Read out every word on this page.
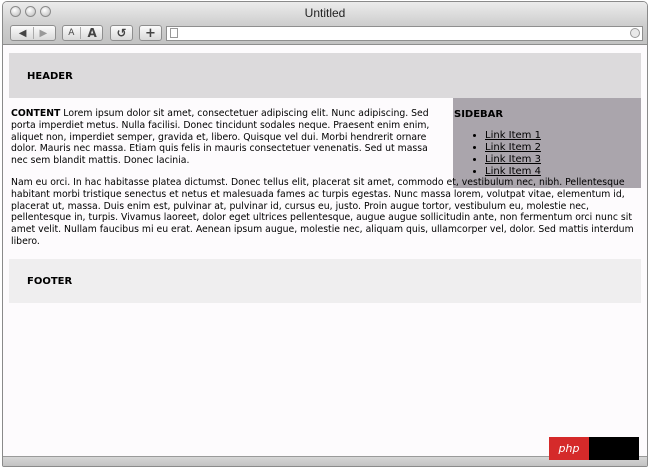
Untitled
◀ ▶ A A ↺ +
HEADER

CONTENT Lorem ipsum dolor sit amet, consectetuer adipiscing elit. Nunc adipiscing. Sed porta imperdiet metus. Nulla facilisi. Donec tincidunt sodales neque. Praesent enim enim, aliquet non, imperdiet semper, gravida et, libero. Quisque vel dui. Morbi hendrerit ornare dolor. Mauris nec massa. Etiam quis felis in mauris consectetuer venenatis. Sed ut massa nec sem blandit mattis. Donec lacinia.

SIDEBAR
• Link Item 1
• Link Item 2
• Link Item 3
• Link Item 4

Nam eu orci. In hac habitasse platea dictumst. Donec tellus elit, placerat sit amet, commodo et, vestibulum nec, nibh. Pellentesque habitant morbi tristique senectus et netus et malesuada fames ac turpis egestas. Nunc massa lorem, volutpat vitae, elementum id, placerat ut, massa. Duis enim est, pulvinar at, pulvinar id, cursus eu, justo. Proin augue tortor, vestibulum eu, molestie nec, pellentesque in, turpis. Vivamus laoreet, dolor eget ultrices pellentesque, augue augue sollicitudin ante, non fermentum orci nunc sit amet velit. Nullam faucibus mi eu erat. Aenean ipsum augue, molestie nec, aliquam quis, ullamcorper vel, dolor. Sed mattis interdum libero.

FOOTER
php
